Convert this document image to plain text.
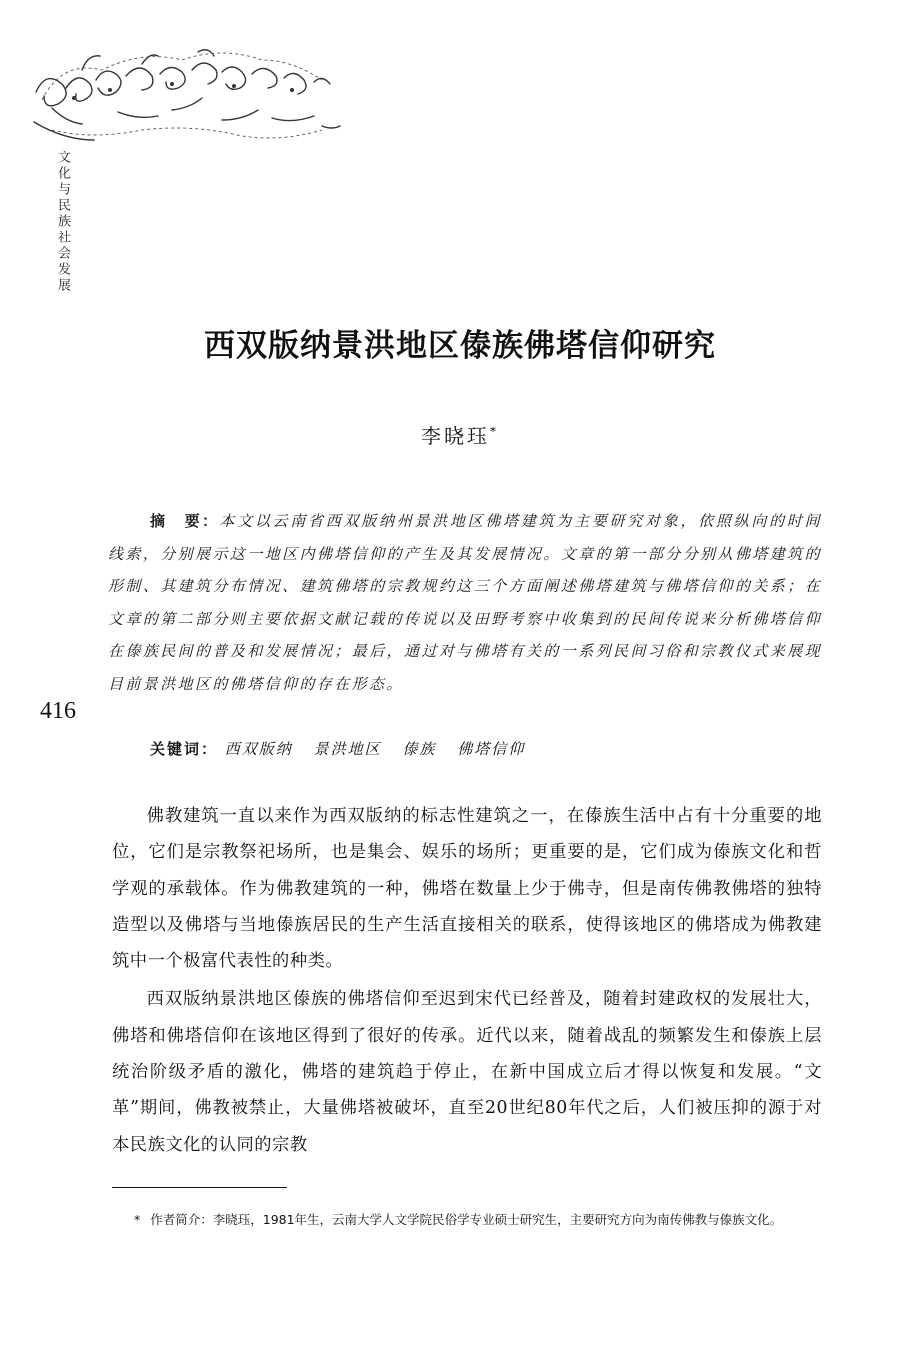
文化与民族社会发展
416
西双版纳景洪地区傣族佛塔信仰研究
李晓珏*
摘　要：本文以云南省西双版纳州景洪地区佛塔建筑为主要研究对象，依照纵向的时间线索，分别展示这一地区内佛塔信仰的产生及其发展情况。文章的第一部分分别从佛塔建筑的形制、其建筑分布情况、建筑佛塔的宗教规约这三个方面阐述佛塔建筑与佛塔信仰的关系；在文章的第二部分则主要依据文献记载的传说以及田野考察中收集到的民间传说来分析佛塔信仰在傣族民间的普及和发展情况；最后，通过对与佛塔有关的一系列民间习俗和宗教仪式来展现目前景洪地区的佛塔信仰的存在形态。
关键词： 西双版纳 景洪地区 傣族 佛塔信仰

佛教建筑一直以来作为西双版纳的标志性建筑之一，在傣族生活中占有十分重要的地位，它们是宗教祭祀场所，也是集会、娱乐的场所；更重要的是，它们成为傣族文化和哲学观的承载体。作为佛教建筑的一种，佛塔在数量上少于佛寺，但是南传佛教佛塔的独特造型以及佛塔与当地傣族居民的生产生活直接相关的联系，使得该地区的佛塔成为佛教建筑中一个极富代表性的种类。

西双版纳景洪地区傣族的佛塔信仰至迟到宋代已经普及，随着封建政权的发展壮大，佛塔和佛塔信仰在该地区得到了很好的传承。近代以来，随着战乱的频繁发生和傣族上层统治阶级矛盾的激化，佛塔的建筑趋于停止，在新中国成立后才得以恢复和发展。“文革”期间，佛教被禁止，大量佛塔被破坏，直至20世纪80年代之后，人们被压抑的源于对本民族文化的认同的宗教

* 作者简介：李晓珏，1981年生，云南大学人文学院民俗学专业硕士研究生，主要研究方向为南传佛教与傣族文化。
